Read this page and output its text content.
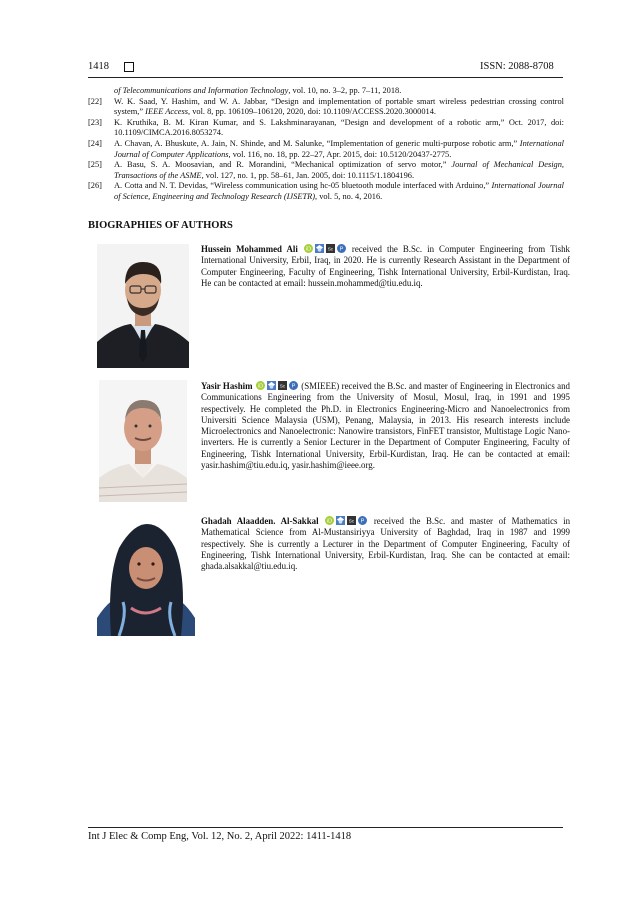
1418	ISSN: 2088-8708
of Telecommunications and Information Technology, vol. 10, no. 3–2, pp. 7–11, 2018.
[22]	W. K. Saad, Y. Hashim, and W. A. Jabbar, “Design and implementation of portable smart wireless pedestrian crossing control system,” IEEE Access, vol. 8, pp. 106109–106120, 2020, doi: 10.1109/ACCESS.2020.3000014.
[23]	K. Kruthika, B. M. Kiran Kumar, and S. Lakshminarayanan, “Design and development of a robotic arm,” Oct. 2017, doi: 10.1109/CIMCA.2016.8053274.
[24]	A. Chavan, A. Bhuskute, A. Jain, N. Shinde, and M. Salunke, “Implementation of generic multi-purpose robotic arm,” International Journal of Computer Applications, vol. 116, no. 18, pp. 22–27, Apr. 2015, doi: 10.5120/20437-2775.
[25]	A. Basu, S. A. Moosavian, and R. Morandini, “Mechanical optimization of servo motor,” Journal of Mechanical Design, Transactions of the ASME, vol. 127, no. 1, pp. 58–61, Jan. 2005, doi: 10.1115/1.1804196.
[26]	A. Cotta and N. T. Devidas, “Wireless communication using hc-05 bluetooth module interfaced with Arduino,” International Journal of Science, Engineering and Technology Research (IJSETR), vol. 5, no. 4, 2016.
BIOGRAPHIES OF AUTHORS
Hussein Mohammed Ali iD	Sc P received the B.Sc. in Computer Engineering from Tishk International University, Erbil, Iraq, in 2020. He is currently Research Assistant in the Department of Computer Engineering, Faculty of Engineering, Tishk International University, Erbil-Kurdistan, Iraq. He can be contacted at email: hussein.mohammed@tiu.edu.iq.
Yasir Hashim iD	Sc P (SMIEEE) received the B.Sc. and master of Engineering in Electronics and Communications Engineering from the University of Mosul, Mosul, Iraq, in 1991 and 1995 respectively. He completed the Ph.D. in Electronics Engineering-Micro and Nanoelectronics from Universiti Science Malaysia (USM), Penang, Malaysia, in 2013. His research interests include Microelectronics and Nanoelectronic: Nanowire transistors, FinFET transistor, Multistage Logic Nano-inverters. He is currently a Senior Lecturer in the Department of Computer Engineering, Faculty of Engineering, Tishk International University, Erbil-Kurdistan, Iraq. He can be contacted at email: yasir.hashim@tiu.edu.iq, yasir.hashim@ieee.org.
Ghadah Alaadden. Al-Sakkal iD	Sc P received the B.Sc. and master of Mathematics in Mathematical Science from Al-Mustansiriyya University of Baghdad, Iraq in 1987 and 1999 respectively. She is currently a Lecturer in the Department of Computer Engineering, Faculty of Engineering, Tishk International University, Erbil-Kurdistan, Iraq. She can be contacted at email: ghada.alsakkal@tiu.edu.iq.
Int J Elec & Comp Eng, Vol. 12, No. 2, April 2022: 1411-1418
